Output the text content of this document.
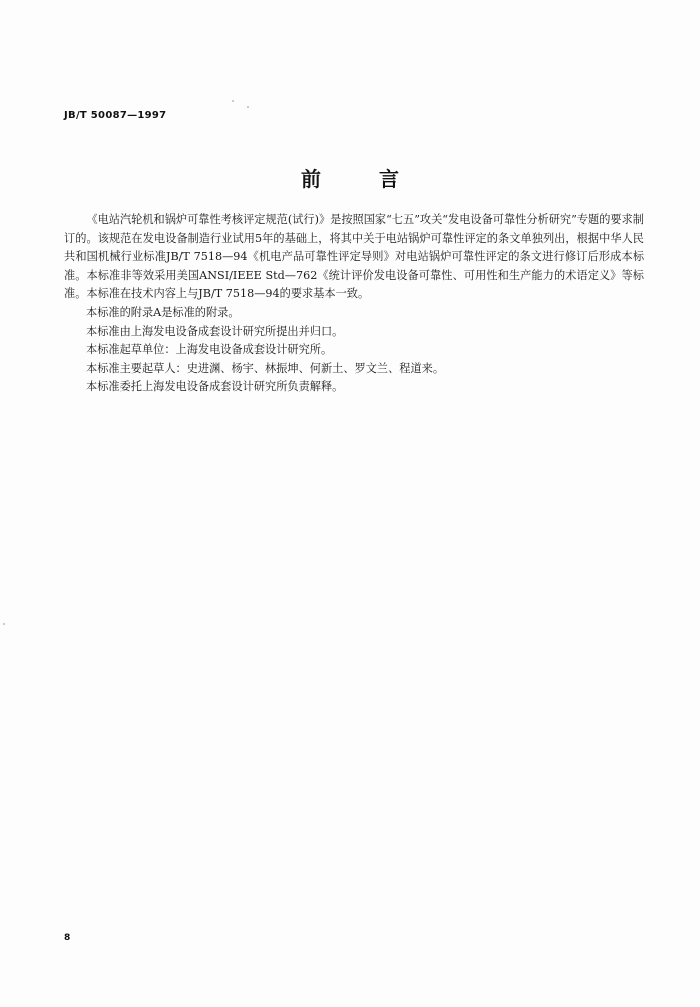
JB/T 50087—1997
前言

《电站汽轮机和锅炉可靠性考核评定规范(试行)》是按照国家“七五”攻关“发电设备可靠性分析研究”专题的要求制订的。该规范在发电设备制造行业试用5年的基础上，将其中关于电站锅炉可靠性评定的条文单独列出，根据中华人民共和国机械行业标准JB/T 7518—94《机电产品可靠性评定导则》对电站锅炉可靠性评定的条文进行修订后形成本标准。本标准非等效采用美国ANSI/IEEE Std—762《统计评价发电设备可靠性、可用性和生产能力的术语定义》等标准。本标准在技术内容上与JB/T 7518—94的要求基本一致。

本标准的附录A是标准的附录。

本标准由上海发电设备成套设计研究所提出并归口。

本标准起草单位：上海发电设备成套设计研究所。

本标准主要起草人：史进渊、杨宇、林振坤、何新土、罗文兰、程道来。

本标准委托上海发电设备成套设计研究所负责解释。

8
